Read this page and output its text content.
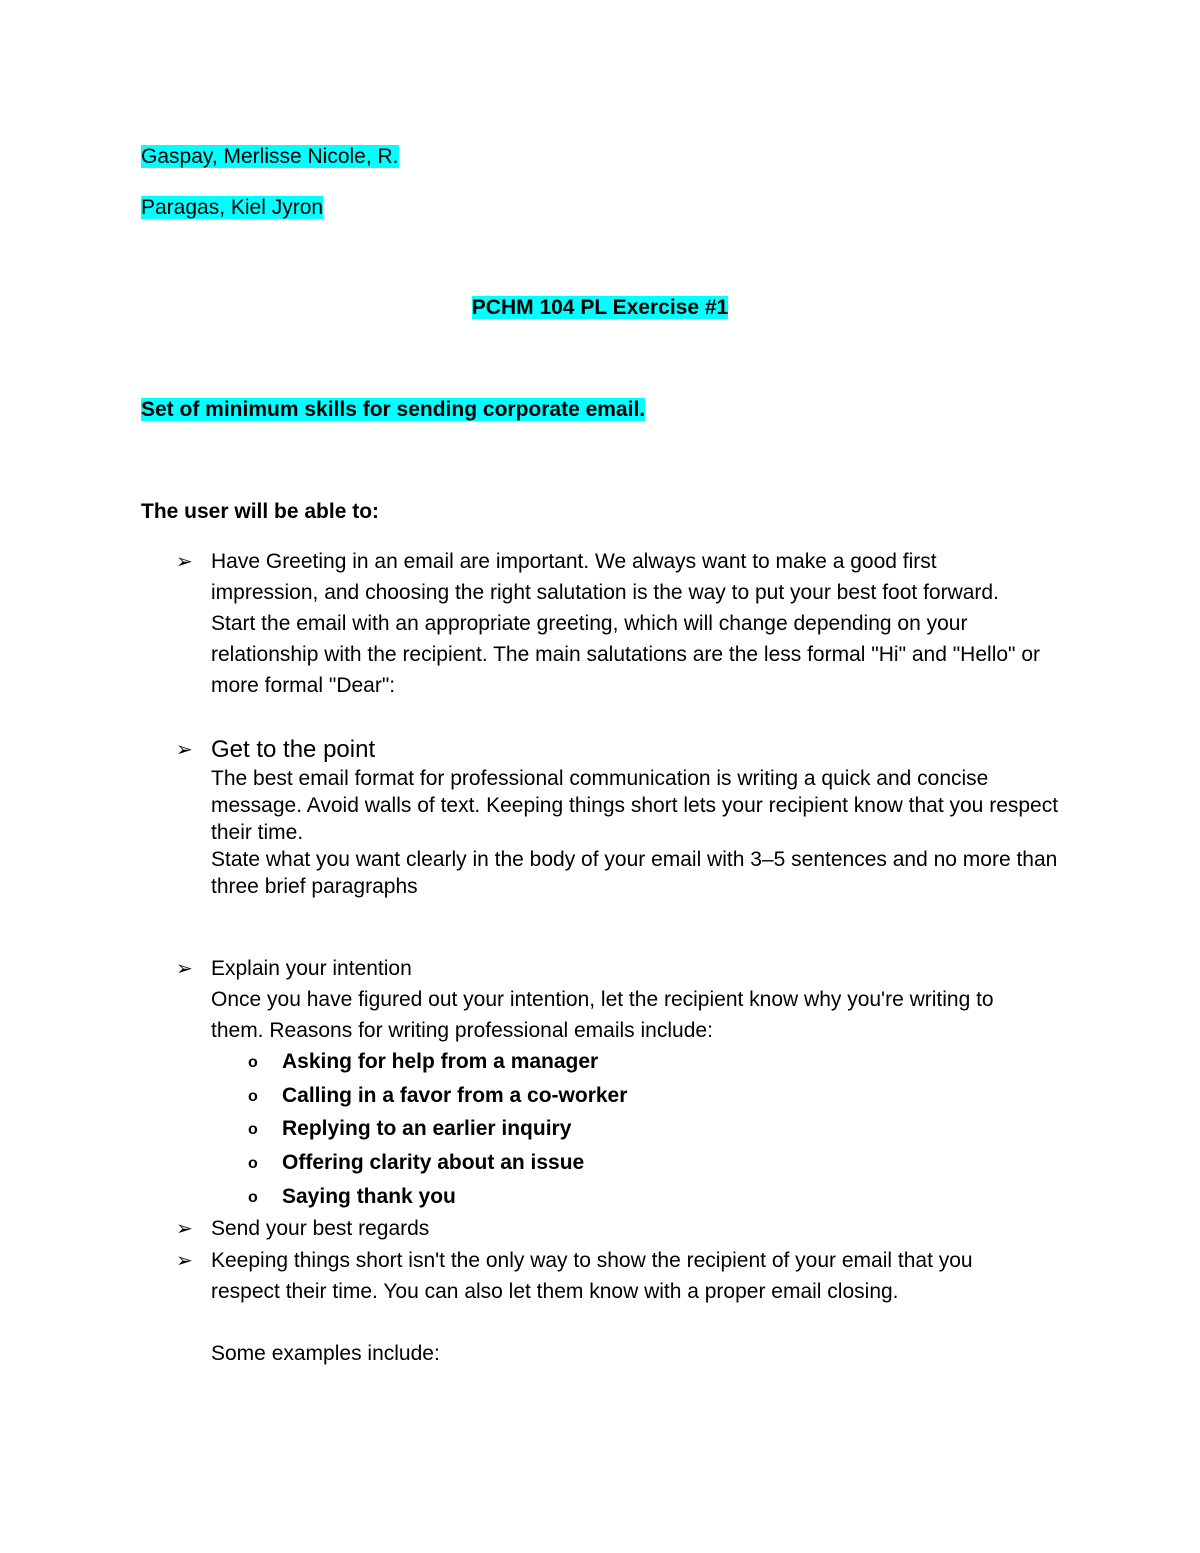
Gaspay, Merlisse Nicole, R.
Paragas, Kiel Jyron
PCHM 104 PL Exercise #1
Set of minimum skills for sending corporate email.
The user will be able to:
➢ Have Greeting in an email are important. We always want to make a good first impression, and choosing the right salutation is the way to put your best foot forward. Start the email with an appropriate greeting, which will change depending on your relationship with the recipient. The main salutations are the less formal "Hi" and "Hello" or more formal "Dear":
➢ Get to the point
The best email format for professional communication is writing a quick and concise message. Avoid walls of text. Keeping things short lets your recipient know that you respect their time.
State what you want clearly in the body of your email with 3–5 sentences and no more than three brief paragraphs
➢ Explain your intention
Once you have figured out your intention, let the recipient know why you're writing to them. Reasons for writing professional emails include:
o Asking for help from a manager
o Calling in a favor from a co-worker
o Replying to an earlier inquiry
o Offering clarity about an issue
o Saying thank you
➢ Send your best regards
➢ Keeping things short isn't the only way to show the recipient of your email that you respect their time. You can also let them know with a proper email closing.
Some examples include:
